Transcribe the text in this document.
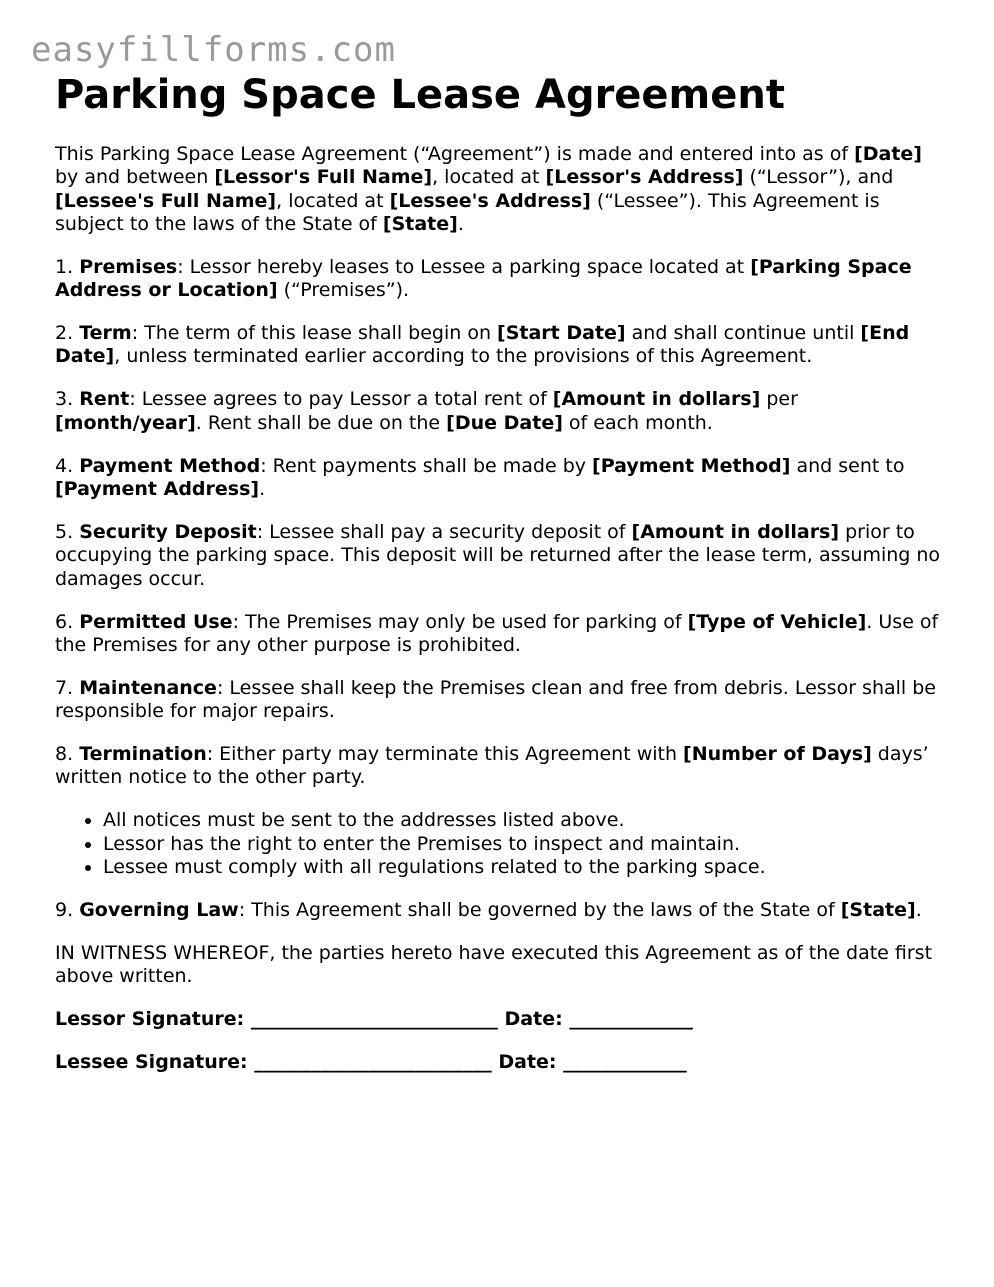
easyfillforms.com
Parking Space Lease Agreement

This Parking Space Lease Agreement (“Agreement”) is made and entered into as of [Date] by and between [Lessor's Full Name], located at [Lessor's Address] (“Lessor”), and [Lessee's Full Name], located at [Lessee's Address] (“Lessee”). This Agreement is subject to the laws of the State of [State].

1. Premises: Lessor hereby leases to Lessee a parking space located at [Parking Space Address or Location] (“Premises”).

2. Term: The term of this lease shall begin on [Start Date] and shall continue until [End Date], unless terminated earlier according to the provisions of this Agreement.

3. Rent: Lessee agrees to pay Lessor a total rent of [Amount in dollars] per [month/year]. Rent shall be due on the [Due Date] of each month.

4. Payment Method: Rent payments shall be made by [Payment Method] and sent to [Payment Address].

5. Security Deposit: Lessee shall pay a security deposit of [Amount in dollars] prior to occupying the parking space. This deposit will be returned after the lease term, assuming no damages occur.

6. Permitted Use: The Premises may only be used for parking of [Type of Vehicle]. Use of the Premises for any other purpose is prohibited.

7. Maintenance: Lessee shall keep the Premises clean and free from debris. Lessor shall be responsible for major repairs.

8. Termination: Either party may terminate this Agreement with [Number of Days] days’ written notice to the other party.

• All notices must be sent to the addresses listed above.
• Lessor has the right to enter the Premises to inspect and maintain.
• Lessee must comply with all regulations related to the parking space.

9. Governing Law: This Agreement shall be governed by the laws of the State of [State].

IN WITNESS WHEREOF, the parties hereto have executed this Agreement as of the date first above written.

Lessor Signature: __________________________ Date: _____________

Lessee Signature: _________________________ Date: _____________
